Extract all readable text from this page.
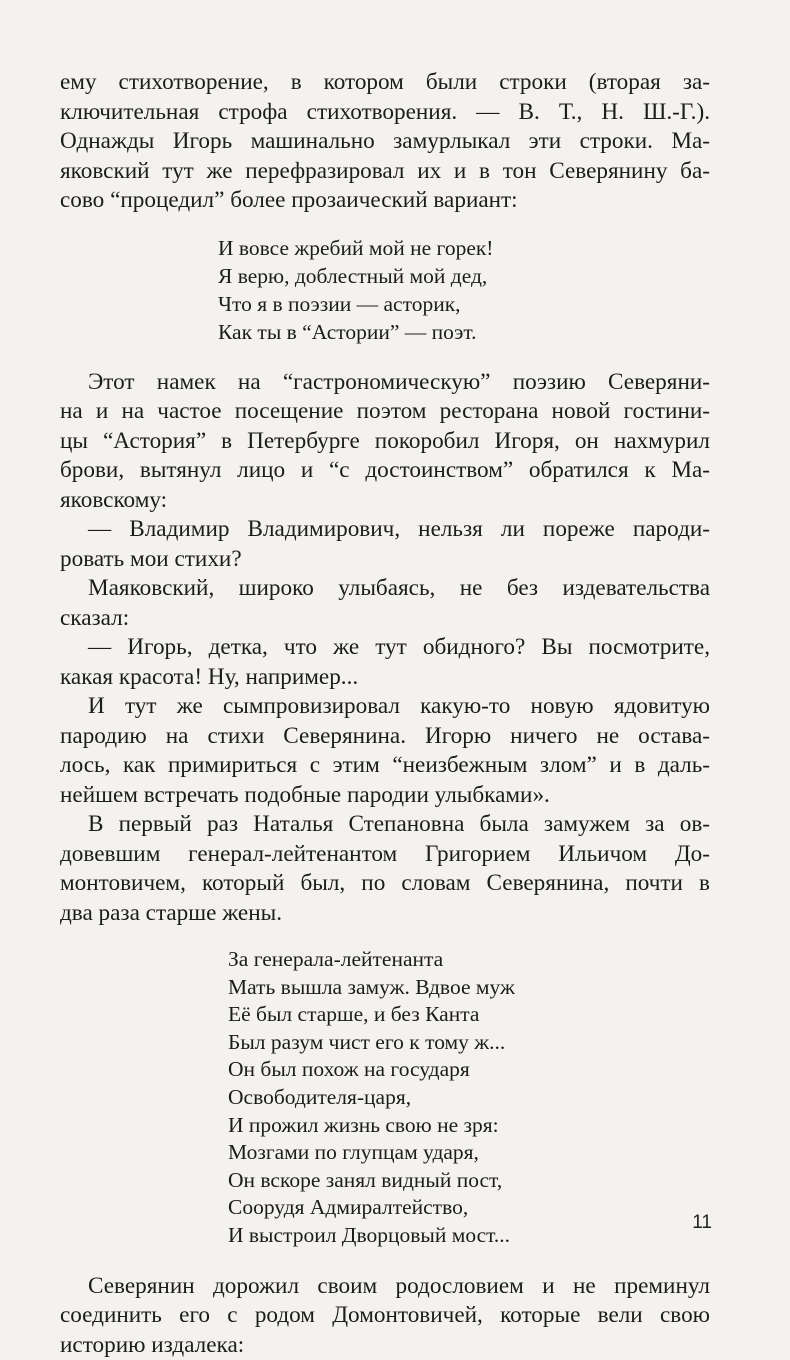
ему стихотворение, в котором были строки (вторая за-
ключительная строфа стихотворения. — В. Т., Н. Ш.-Г.).
Однажды Игорь машинально замурлыкал эти строки. Ма-
яковский тут же перефразировал их и в тон Северянину ба-
сово “процедил” более прозаический вариант:
И вовсе жребий мой не горек!
Я верю, доблестный мой дед,
Что я в поэзии — асторик,
Как ты в “Астории” — поэт.
Этот намек на “гастрономическую” поэзию Северяни-
на и на частое посещение поэтом ресторана новой гостини-
цы “Астория” в Петербурге покоробил Игоря, он нахмурил
брови, вытянул лицо и “с достоинством” обратился к Ма-
яковскому:
— Владимир Владимирович, нельзя ли пореже пароди-
ровать мои стихи?
Маяковский, широко улыбаясь, не без издевательства
сказал:
— Игорь, детка, что же тут обидного? Вы посмотрите,
какая красота! Ну, например...
И тут же сымпровизировал какую-то новую ядовитую
пародию на стихи Северянина. Игорю ничего не остава-
лось, как примириться с этим “неизбежным злом” и в даль-
нейшем встречать подобные пародии улыбками».
В первый раз Наталья Степановна была замужем за ов-
довевшим генерал-лейтенантом Григорием Ильичом До-
монтовичем, который был, по словам Северянина, почти в
два раза старше жены.
За генерала-лейтенанта
Мать вышла замуж. Вдвое муж
Её был старше, и без Канта
Был разум чист его к тому ж...
Он был похож на государя
Освободителя-царя,
И прожил жизнь свою не зря:
Мозгами по глупцам ударя,
Он вскоре занял видный пост,
Соорудя Адмиралтейство,
И выстроил Дворцовый мост...
Северянин дорожил своим родословием и не преминул
соединить его с родом Домонтовичей, которые вели свою
историю издалека:
11
